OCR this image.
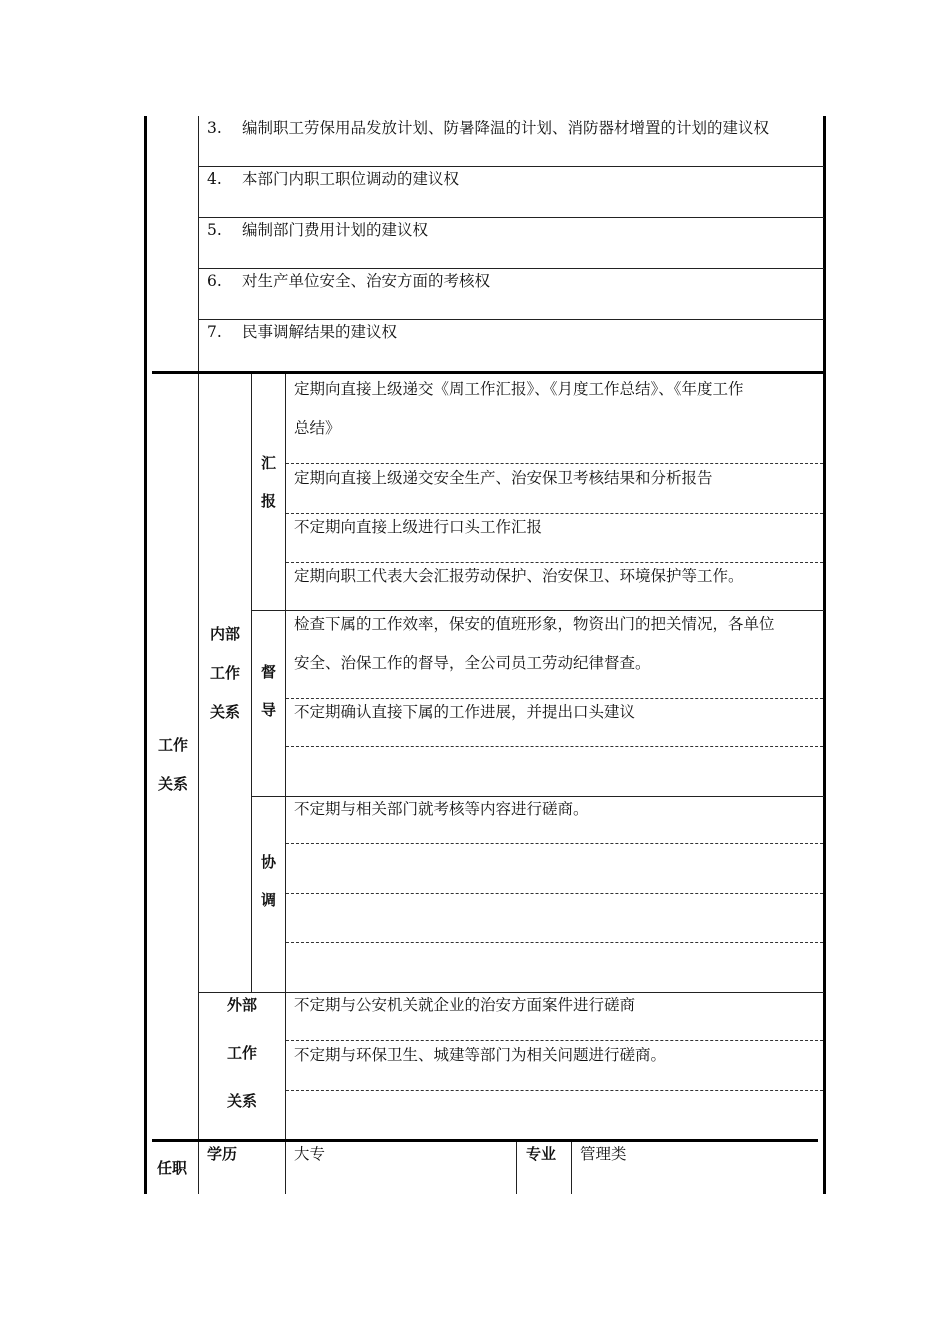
3. 编制职工劳保用品发放计划、防暑降温的计划、消防器材增置的计划的建议权
4. 本部门内职工职位调动的建议权
5. 编制部门费用计划的建议权
6. 对生产单位安全、治安方面的考核权
7. 民事调解结果的建议权
工作
关系
内部
工作
关系
汇
报
督
导
协
调
外部
工作
关系
定期向直接上级递交《周工作汇报》、《月度工作总结》、《年度工作
总结》
定期向直接上级递交安全生产、治安保卫考核结果和分析报告
不定期向直接上级进行口头工作汇报
定期向职工代表大会汇报劳动保护、治安保卫、环境保护等工作。
检查下属的工作效率，保安的值班形象，物资出门的把关情况，各单位
安全、治保工作的督导，全公司员工劳动纪律督查。
不定期确认直接下属的工作进展，并提出口头建议
不定期与相关部门就考核等内容进行磋商。
不定期与公安机关就企业的治安方面案件进行磋商
不定期与环保卫生、城建等部门为相关问题进行磋商。
任职
学历	大专	专业 管理类
